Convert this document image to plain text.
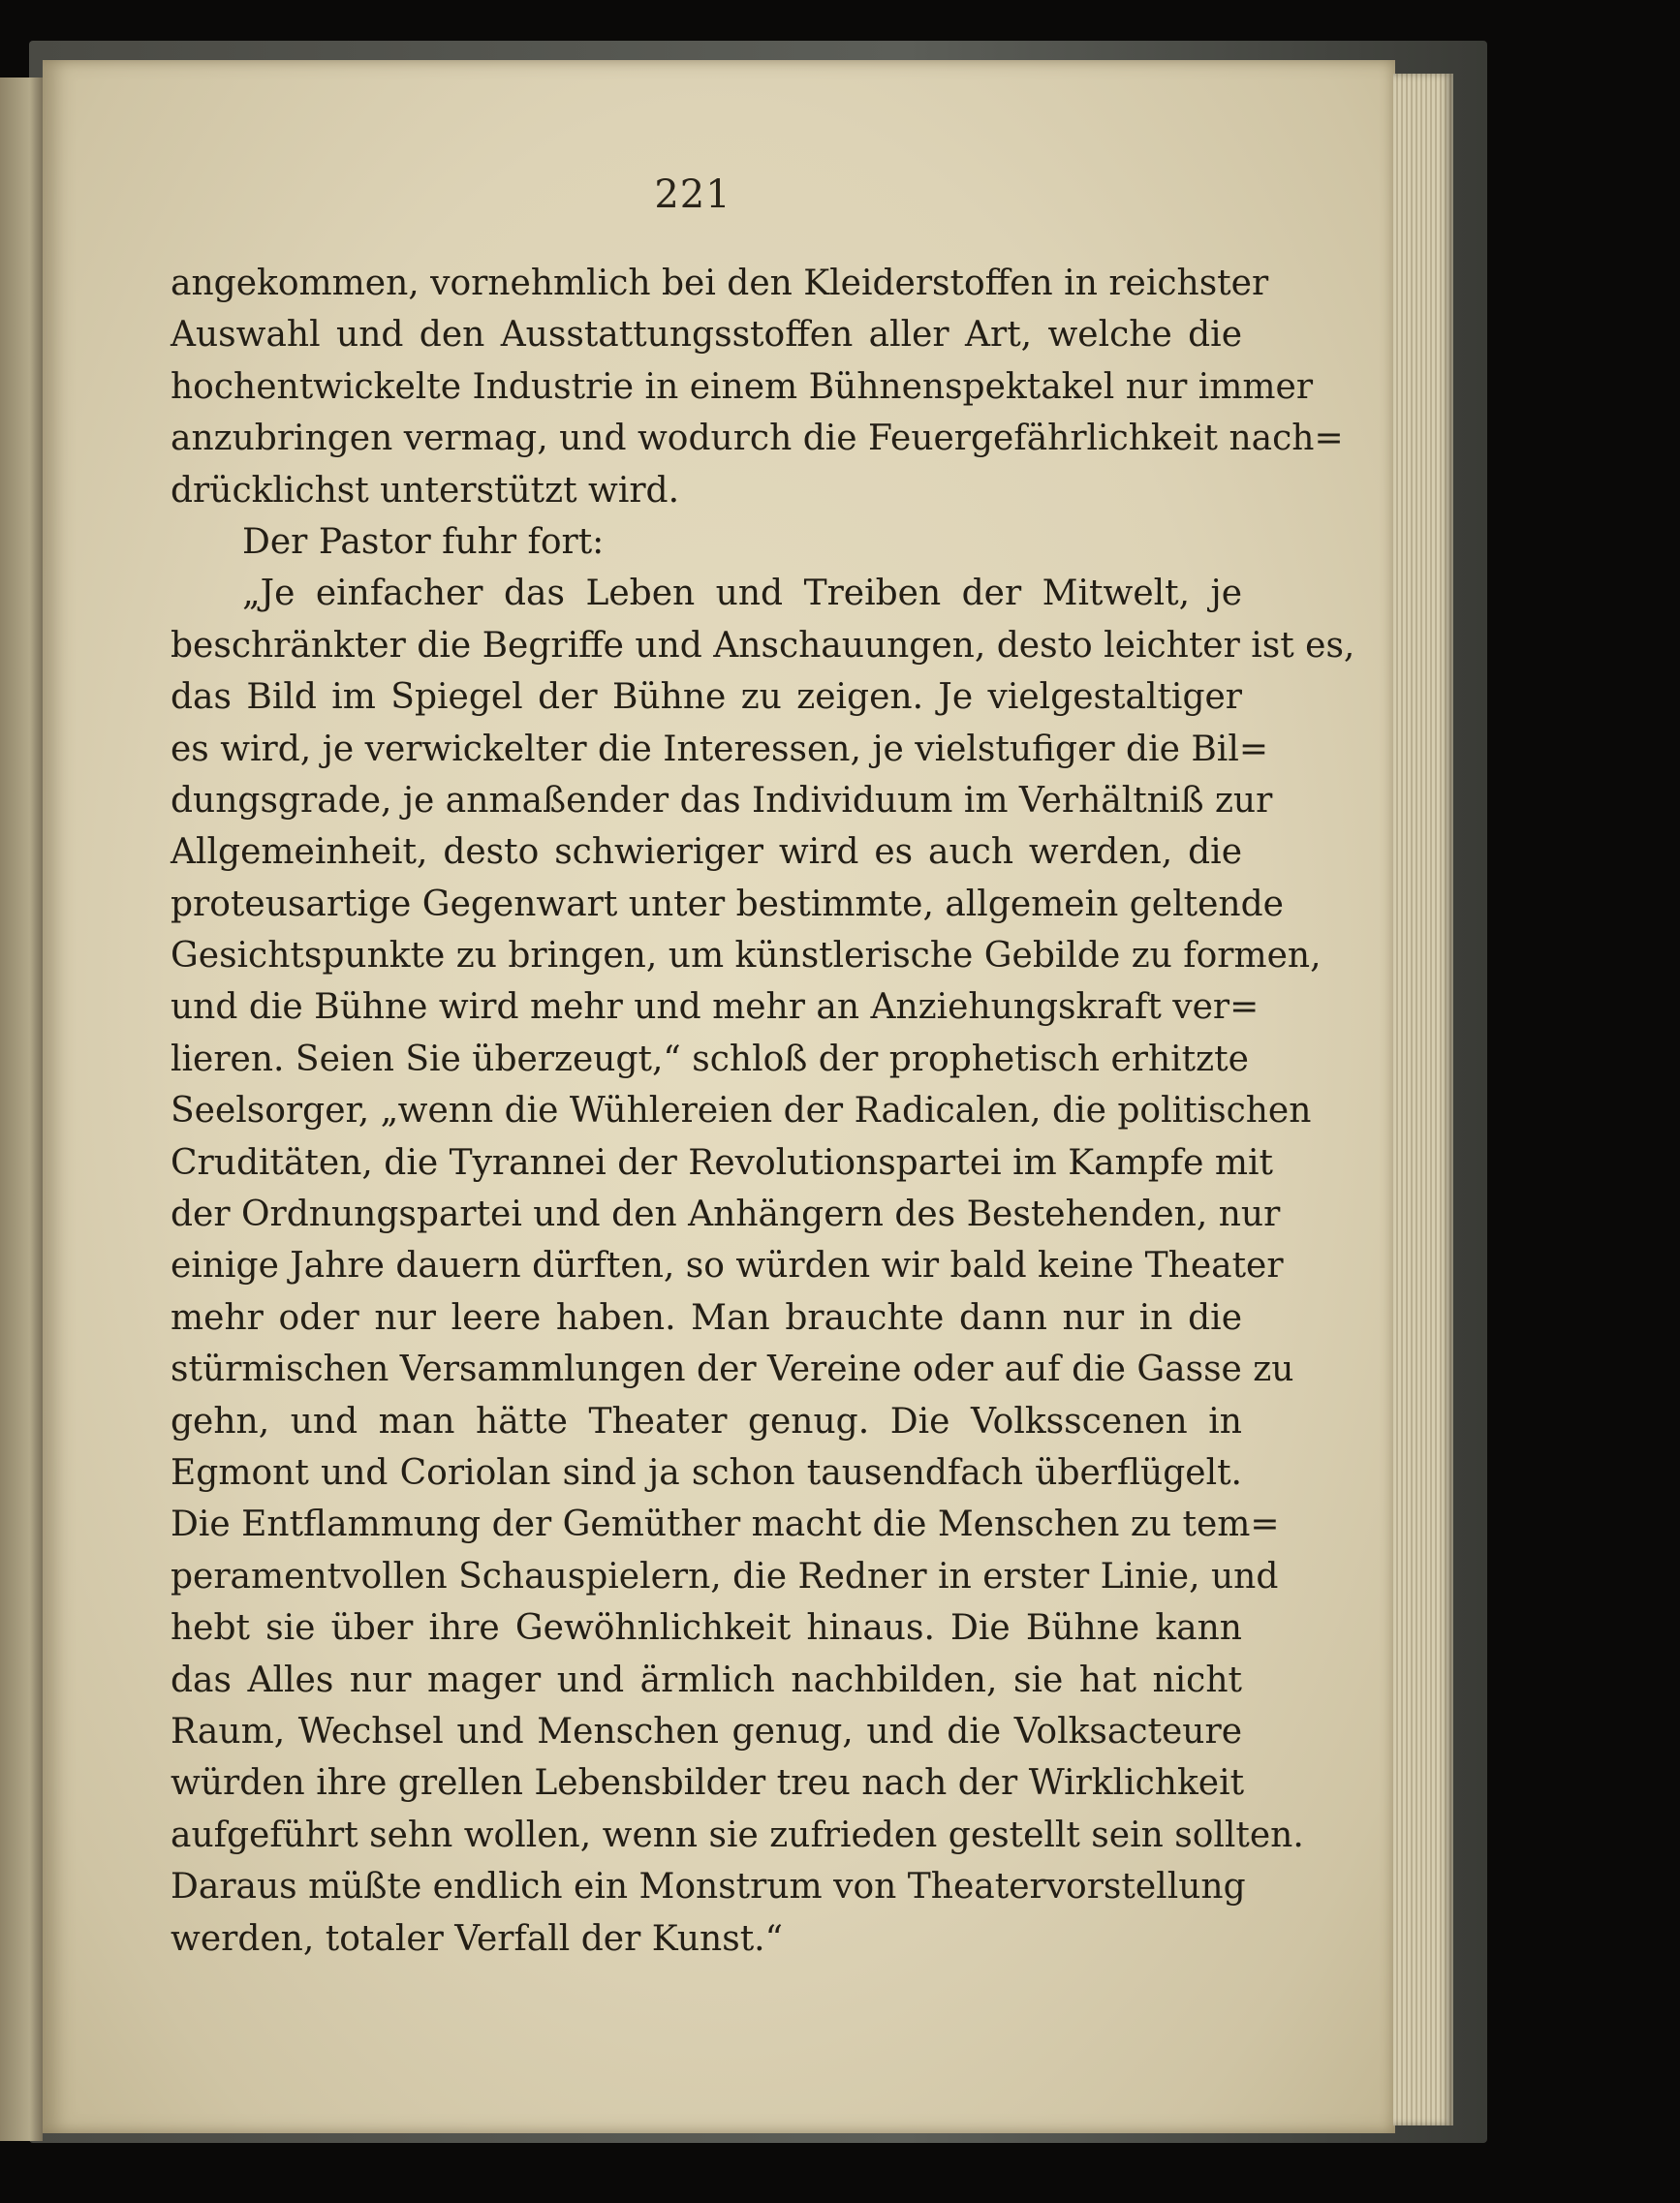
221
angekommen, vornehmlich bei den Kleiderstoffen in reichster
Auswahl und den Ausstattungsstoffen aller Art, welche die
hochentwickelte Industrie in einem Bühnenspektakel nur immer
anzubringen vermag, und wodurch die Feuergefährlichkeit nach=
drücklichst unterstützt wird.
Der Pastor fuhr fort:
„Je einfacher das Leben und Treiben der Mitwelt, je
beschränkter die Begriffe und Anschauungen, desto leichter ist es,
das Bild im Spiegel der Bühne zu zeigen. Je vielgestaltiger
es wird, je verwickelter die Interessen, je vielstufiger die Bil=
dungsgrade, je anmaßender das Individuum im Verhältniß zur
Allgemeinheit, desto schwieriger wird es auch werden, die
proteusartige Gegenwart unter bestimmte, allgemein geltende
Gesichtspunkte zu bringen, um künstlerische Gebilde zu formen,
und die Bühne wird mehr und mehr an Anziehungskraft ver=
lieren. Seien Sie überzeugt,“ schloß der prophetisch erhitzte
Seelsorger, „wenn die Wühlereien der Radicalen, die politischen
Cruditäten, die Tyrannei der Revolutionspartei im Kampfe mit
der Ordnungspartei und den Anhängern des Bestehenden, nur
einige Jahre dauern dürften, so würden wir bald keine Theater
mehr oder nur leere haben. Man brauchte dann nur in die
stürmischen Versammlungen der Vereine oder auf die Gasse zu
gehn, und man hätte Theater genug. Die Volksscenen in
Egmont und Coriolan sind ja schon tausendfach überflügelt.
Die Entflammung der Gemüther macht die Menschen zu tem=
peramentvollen Schauspielern, die Redner in erster Linie, und
hebt sie über ihre Gewöhnlichkeit hinaus. Die Bühne kann
das Alles nur mager und ärmlich nachbilden, sie hat nicht
Raum, Wechsel und Menschen genug, und die Volksacteure
würden ihre grellen Lebensbilder treu nach der Wirklichkeit
aufgeführt sehn wollen, wenn sie zufrieden gestellt sein sollten.
Daraus müßte endlich ein Monstrum von Theatervorstellung
werden, totaler Verfall der Kunst.“
